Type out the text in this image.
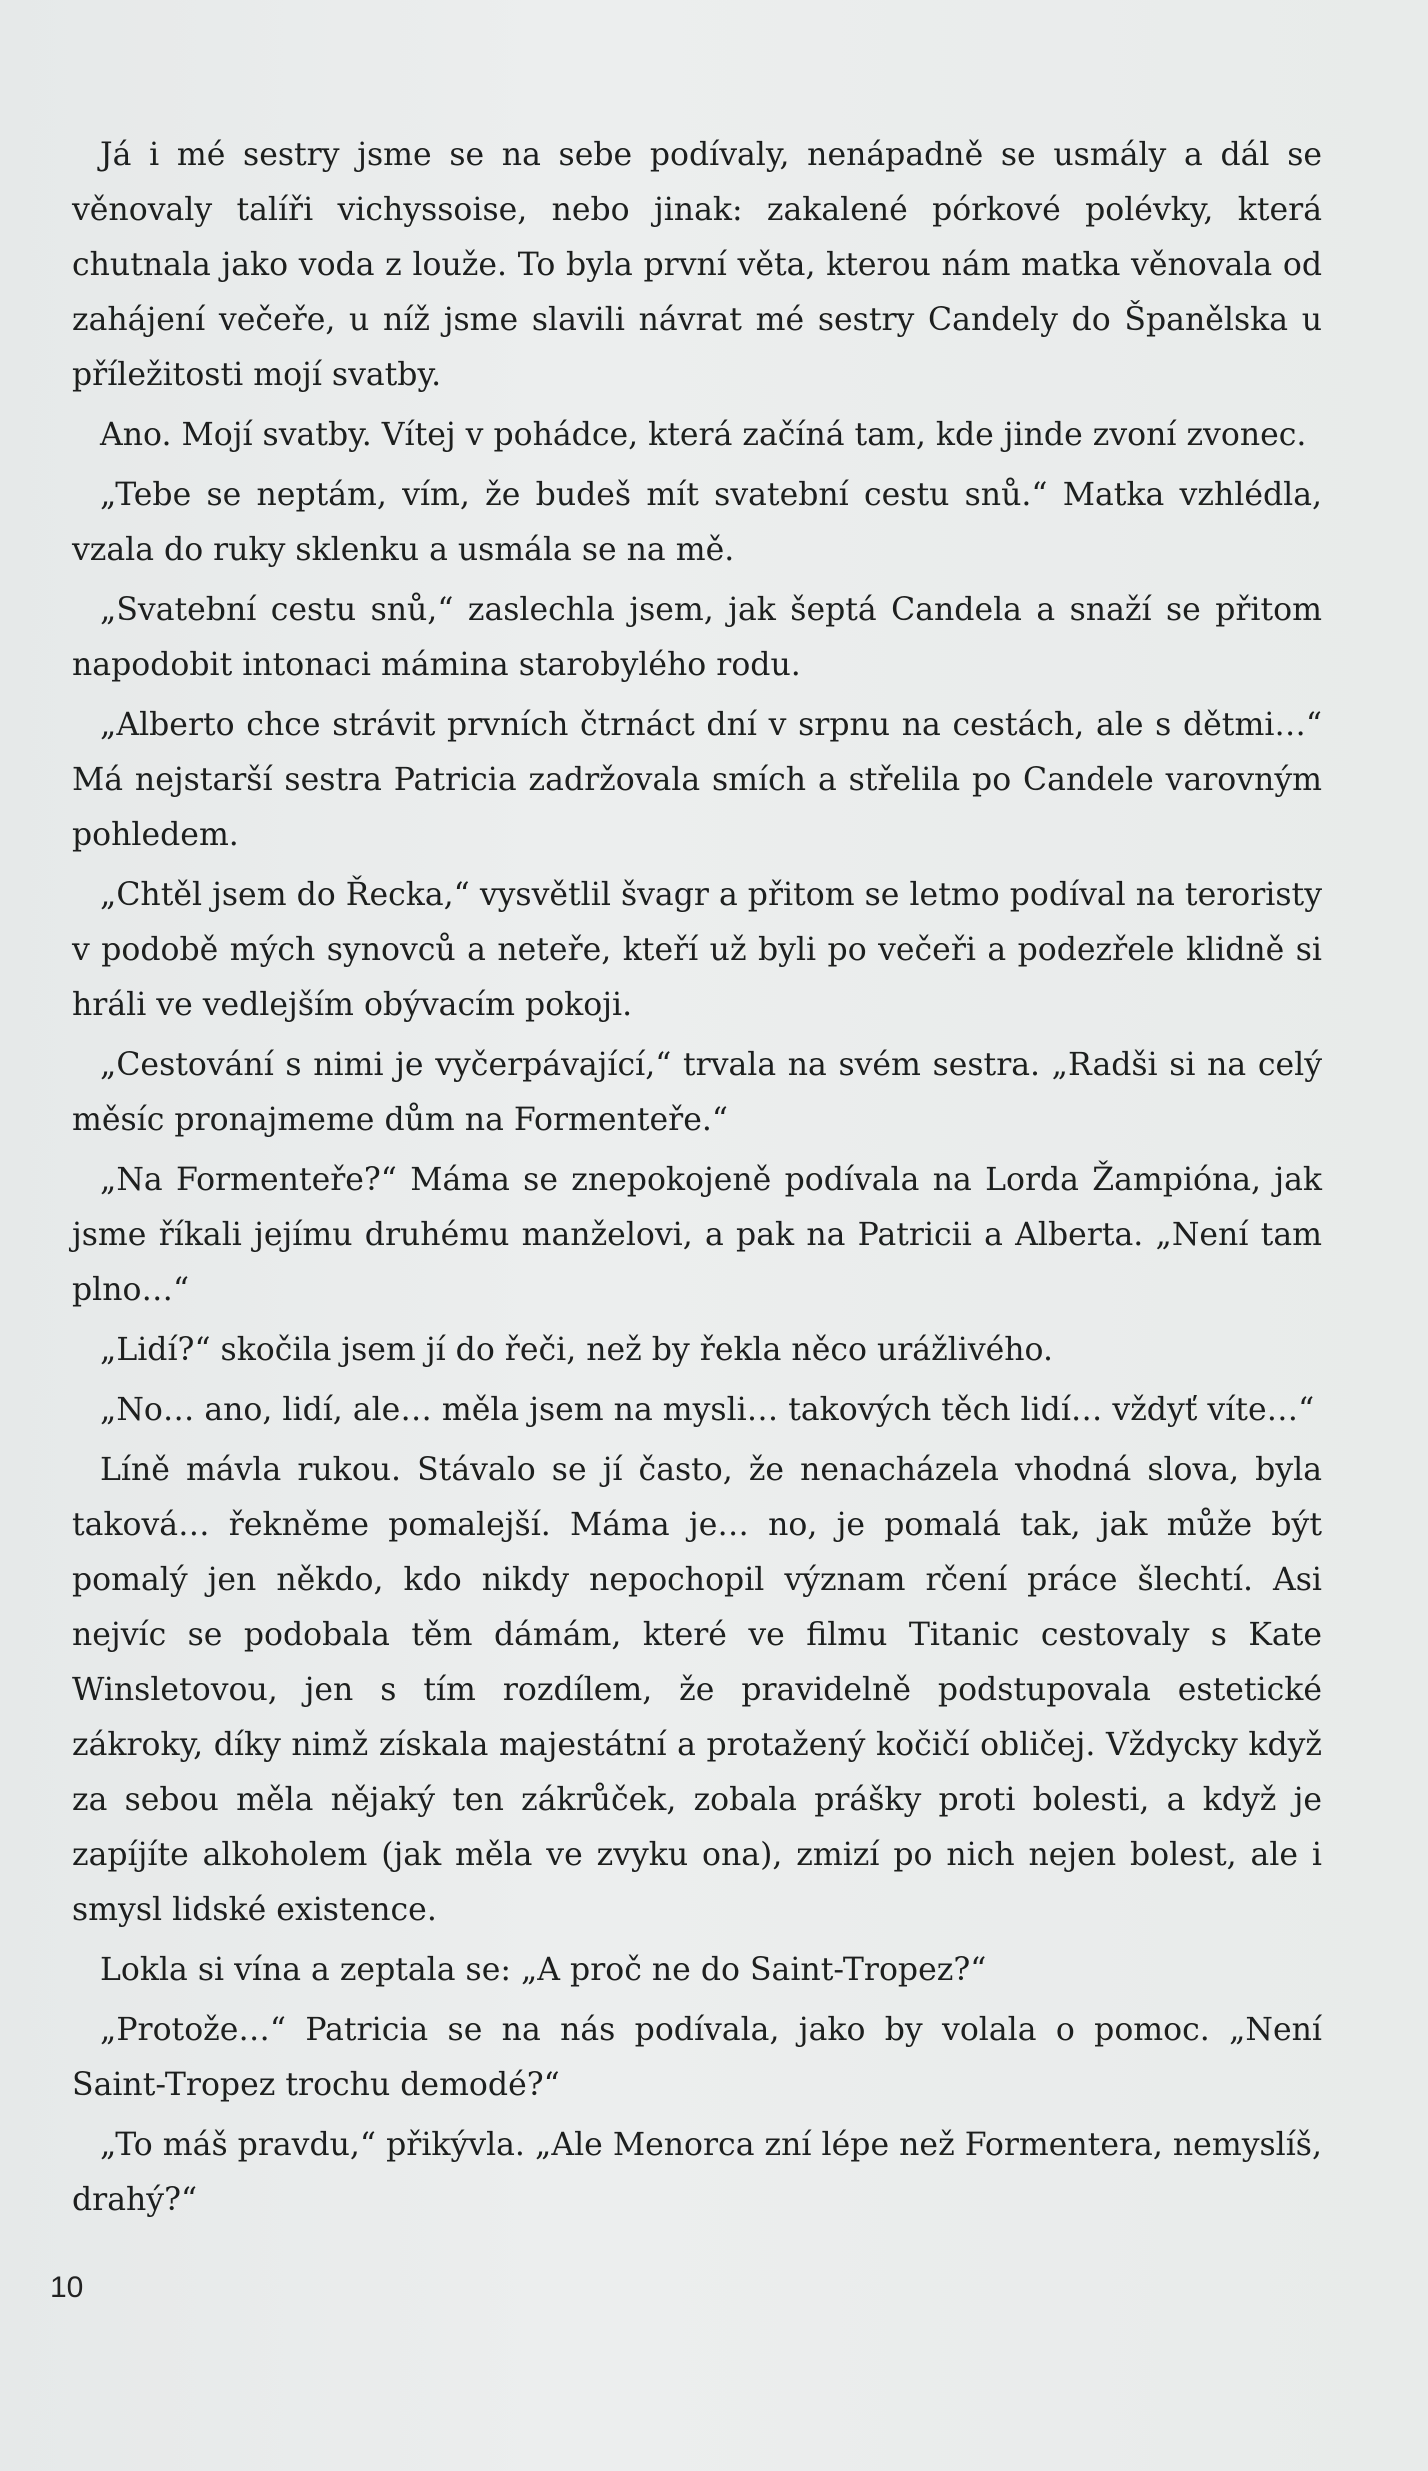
Já i mé sestry jsme se na sebe podívaly, nenápadně se usmály a dál se věnovaly talíři vichyssoise, nebo jinak: zakalené pórkové polévky, která chutnala jako voda z louže. To byla první věta, kterou nám matka věnovala od zahájení večeře, u níž jsme slavili návrat mé sestry Candely do Španělska u příležitosti mojí svatby.

Ano. Mojí svatby. Vítej v pohádce, která začíná tam, kde jinde zvoní zvonec.

„Tebe se neptám, vím, že budeš mít svatební cestu snů.“ Matka vzhlédla, vzala do ruky sklenku a usmála se na mě.

„Svatební cestu snů,“ zaslechla jsem, jak šeptá Candela a snaží se přitom napodobit intonaci mámina starobylého rodu.

„Alberto chce strávit prvních čtrnáct dní v srpnu na cestách, ale s dětmi…“ Má nejstarší sestra Patricia zadržovala smích a střelila po Candele varovným pohledem.

„Chtěl jsem do Řecka,“ vysvětlil švagr a přitom se letmo podíval na teroristy v podobě mých synovců a neteře, kteří už byli po večeři a podezřele klidně si hráli ve vedlejším obývacím pokoji.

„Cestování s nimi je vyčerpávající,“ trvala na svém sestra. „Radši si na celý měsíc pronajmeme dům na Formenteře.“

„Na Formenteře?“ Máma se znepokojeně podívala na Lorda Žampióna, jak jsme říkali jejímu druhému manželovi, a pak na Patricii a Alberta. „Není tam plno…“

„Lidí?“ skočila jsem jí do řeči, než by řekla něco urážlivého.

„No… ano, lidí, ale… měla jsem na mysli… takových těch lidí… vždyť víte…“

Líně mávla rukou. Stávalo se jí často, že nenacházela vhodná slova, byla taková… řekněme pomalejší. Máma je… no, je pomalá tak, jak může být pomalý jen někdo, kdo nikdy nepochopil význam rčení práce šlechtí. Asi nejvíc se podobala těm dámám, které ve filmu Titanic cestovaly s Kate Winsletovou, jen s tím rozdílem, že pravidelně podstupovala estetické zákroky, díky nimž získala majestátní a protažený kočičí obličej. Vždycky když za sebou měla nějaký ten zákrůček, zobala prášky proti bolesti, a když je zapíjíte alkoholem (jak měla ve zvyku ona), zmizí po nich nejen bolest, ale i smysl lidské existence.

Lokla si vína a zeptala se: „A proč ne do Saint-Tropez?“

„Protože…“ Patricia se na nás podívala, jako by volala o pomoc. „Není Saint-Tropez trochu demodé?“

„To máš pravdu,“ přikývla. „Ale Menorca zní lépe než Formentera, nemyslíš, drahý?“

10
